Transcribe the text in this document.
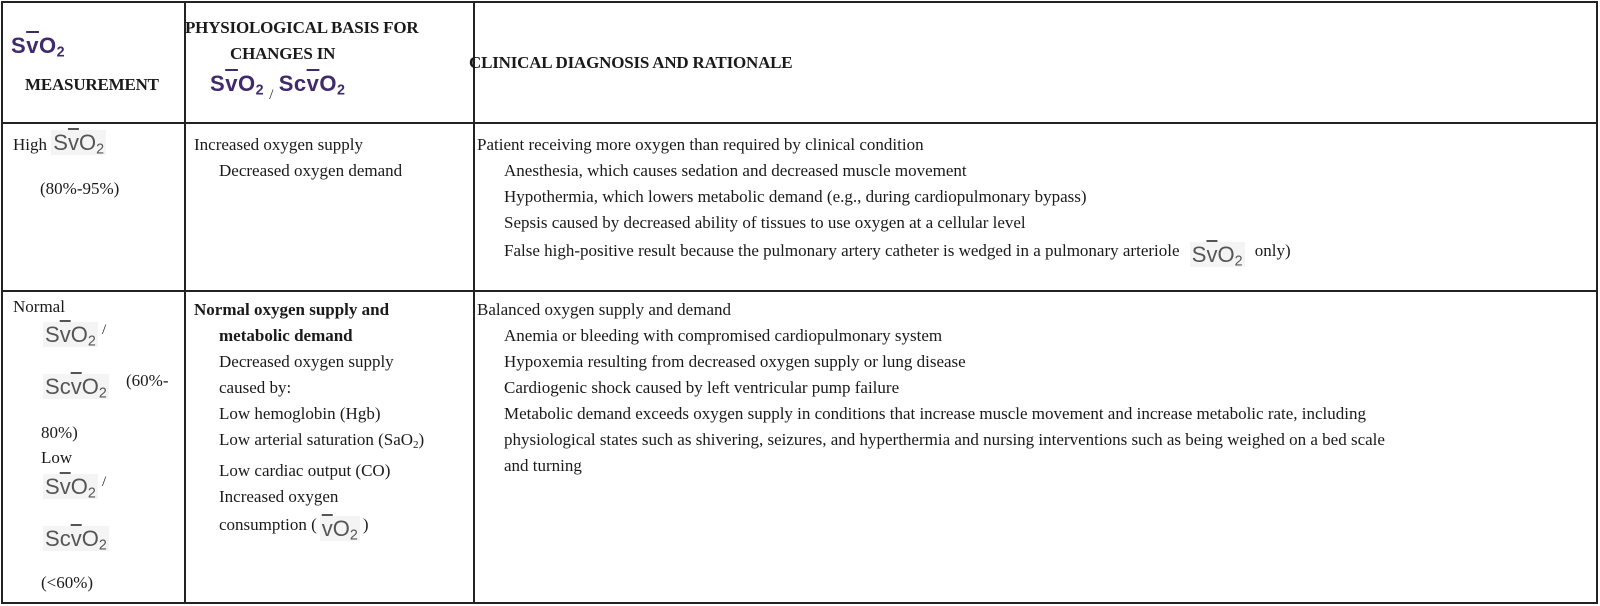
$S\overline{v}O_2$
MEASUREMENT
PHYSIOLOGICAL BASIS FOR
CHANGES IN
$S\overline{v}O_2 / Sc\overline{v}O_2$
CLINICAL DIAGNOSIS AND RATIONALE
High $S\overline{v}O_2$
(80%-95%)
Increased oxygen supply
Decreased oxygen demand
Patient receiving more oxygen than required by clinical condition
Anesthesia, which causes sedation and decreased muscle movement
Hypothermia, which lowers metabolic demand (e.g., during cardiopulmonary bypass)
Sepsis caused by decreased ability of tissues to use oxygen at a cellular level
False high-positive result because the pulmonary artery catheter is wedged in a pulmonary arteriole $S\overline{v}O_2$ only)
Normal
$S\overline{v}O_2$ /
$Sc\overline{v}O_2$
(60%-
80%)
Low
$S\overline{v}O_2$ /
$Sc\overline{v}O_2$
(<60%)
Normal oxygen supply and
metabolic demand
Decreased oxygen supply
caused by:
Low hemoglobin (Hgb)
Low arterial saturation (SaO$_2$)
Low cardiac output (CO)
Increased oxygen
consumption ( $\overline{v}O_2$)
Balanced oxygen supply and demand
Anemia or bleeding with compromised cardiopulmonary system
Hypoxemia resulting from decreased oxygen supply or lung disease
Cardiogenic shock caused by left ventricular pump failure
Metabolic demand exceeds oxygen supply in conditions that increase muscle movement and increase metabolic rate, including
physiological states such as shivering, seizures, and hyperthermia and nursing interventions such as being weighed on a bed scale
and turning
